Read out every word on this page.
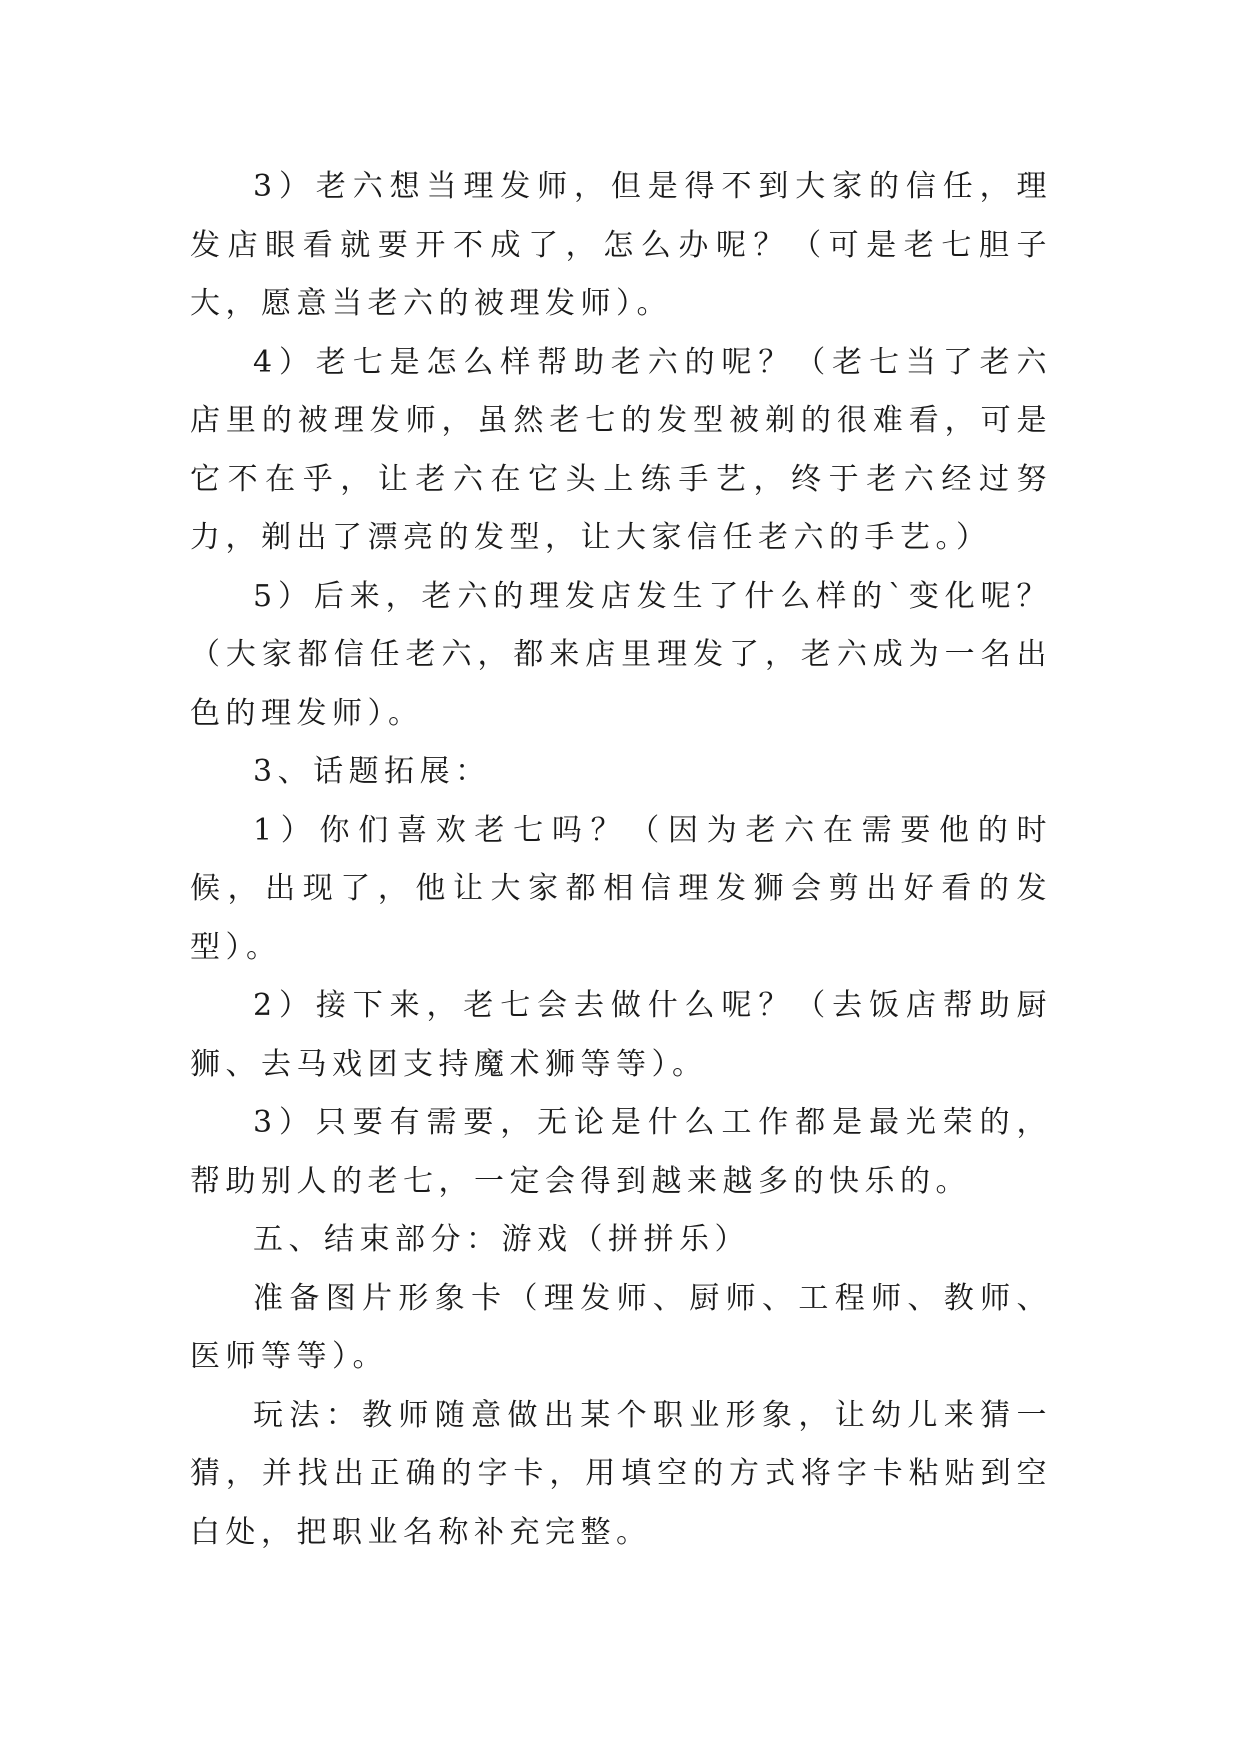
3）老六想当理发师，但是得不到大家的信任，理发店眼看就要开不成了，怎么办呢？（可是老七胆子大，愿意当老六的被理发师）。

4）老七是怎么样帮助老六的呢？（老七当了老六店里的被理发师，虽然老七的发型被剃的很难看，可是它不在乎，让老六在它头上练手艺，终于老六经过努力，剃出了漂亮的发型，让大家信任老六的手艺。）

5）后来，老六的理发店发生了什么样的`变化呢？（大家都信任老六，都来店里理发了，老六成为一名出色的理发师）。

3、话题拓展：

1）你们喜欢老七吗？（因为老六在需要他的时候，出现了，他让大家都相信理发狮会剪出好看的发型）。

2）接下来，老七会去做什么呢？（去饭店帮助厨狮、去马戏团支持魔术狮等等）。

3）只要有需要，无论是什么工作都是最光荣的，帮助别人的老七，一定会得到越来越多的快乐的。

五、结束部分：游戏（拼拼乐）

准备图片形象卡（理发师、厨师、工程师、教师、医师等等）。

玩法：教师随意做出某个职业形象，让幼儿来猜一猜，并找出正确的字卡，用填空的方式将字卡粘贴到空白处，把职业名称补充完整。
